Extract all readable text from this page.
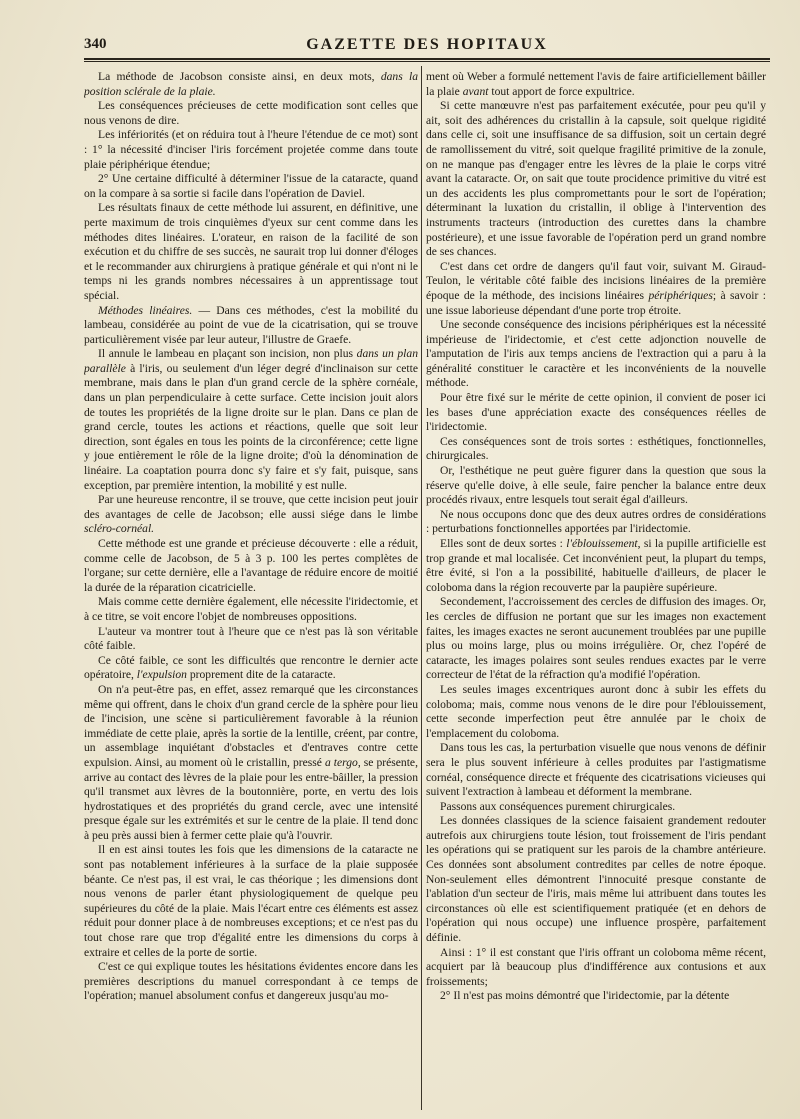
340	GAZETTE DES HOPITAUX

La méthode de Jacobson consiste ainsi, en deux mots, dans la position sclérale de la plaie.

Les conséquences précieuses de cette modification sont celles que nous venons de dire.

Les infériorités (et on réduira tout à l'heure l'étendue de ce mot) sont : 1° la nécessité d'inciser l'iris forcément projetée comme dans toute plaie périphérique étendue;

2° Une certaine difficulté à déterminer l'issue de la cataracte, quand on la compare à sa sortie si facile dans l'opération de Daviel.

Les résultats finaux de cette méthode lui assurent, en définitive, une perte maximum de trois cinquièmes d'yeux sur cent comme dans les méthodes dites linéaires. L'orateur, en raison de la facilité de son exécution et du chiffre de ses succès, ne saurait trop lui donner d'éloges et le recommander aux chirurgiens à pratique générale et qui n'ont ni le temps ni les grands nombres nécessaires à un apprentissage tout spécial.

Méthodes linéaires. — Dans ces méthodes, c'est la mobilité du lambeau, considérée au point de vue de la cicatrisation, qui se trouve particulièrement visée par leur auteur, l'illustre de Graefe.

Il annule le lambeau en plaçant son incision, non plus dans un plan parallèle à l'iris, ou seulement d'un léger degré d'inclinaison sur cette membrane, mais dans le plan d'un grand cercle de la sphère cornéale, dans un plan perpendiculaire à cette surface. Cette incision jouit alors de toutes les propriétés de la ligne droite sur le plan. Dans ce plan de grand cercle, toutes les actions et réactions, quelle que soit leur direction, sont égales en tous les points de la circonférence; cette ligne y joue entièrement le rôle de la ligne droite; d'où la dénomination de linéaire. La coaptation pourra donc s'y faire et s'y fait, puisque, sans exception, par première intention, la mobilité y est nulle.

Par une heureuse rencontre, il se trouve, que cette incision peut jouir des avantages de celle de Jacobson; elle aussi siége dans le limbe scléro-cornéal.

Cette méthode est une grande et précieuse découverte : elle a réduit, comme celle de Jacobson, de 5 à 3 p. 100 les pertes complètes de l'organe; sur cette dernière, elle a l'avantage de réduire encore de moitié la durée de la réparation cicatricielle.

Mais comme cette dernière également, elle nécessite l'iridectomie, et à ce titre, se voit encore l'objet de nombreuses oppositions.

L'auteur va montrer tout à l'heure que ce n'est pas là son véritable côté faible.

Ce côté faible, ce sont les difficultés que rencontre le dernier acte opératoire, l'expulsion proprement dite de la cataracte.

On n'a peut-être pas, en effet, assez remarqué que les circonstances même qui offrent, dans le choix d'un grand cercle de la sphère pour lieu de l'incision, une scène si particulièrement favorable à la réunion immédiate de cette plaie, après la sortie de la lentille, créent, par contre, un assemblage inquiétant d'obstacles et d'entraves contre cette expulsion. Ainsi, au moment où le cristallin, pressé a tergo, se présente, arrive au contact des lèvres de la plaie pour les entre-bâiller, la pression qu'il transmet aux lèvres de la boutonnière, porte, en vertu des lois hydrostatiques et des propriétés du grand cercle, avec une intensité presque égale sur les extrémités et sur le centre de la plaie. Il tend donc à peu près aussi bien à fermer cette plaie qu'à l'ouvrir.

Il en est ainsi toutes les fois que les dimensions de la cataracte ne sont pas notablement inférieures à la surface de la plaie supposée béante. Ce n'est pas, il est vrai, le cas théorique ; les dimensions dont nous venons de parler étant physiologiquement de quelque peu supérieures du côté de la plaie. Mais l'écart entre ces éléments est assez réduit pour donner place à de nombreuses exceptions; et ce n'est pas du tout chose rare que trop d'égalité entre les dimensions du corps à extraire et celles de la porte de sortie.

C'est ce qui explique toutes les hésitations évidentes encore dans les premières descriptions du manuel correspondant à ce temps de l'opération; manuel absolument confus et dangereux jusqu'au mo-

ment où Weber a formulé nettement l'avis de faire artificiellement bâiller la plaie avant tout apport de force expultrice.

Si cette manœuvre n'est pas parfaitement exécutée, pour peu qu'il y ait, soit des adhérences du cristallin à la capsule, soit quelque rigidité dans celle ci, soit une insuffisance de sa diffusion, soit un certain degré de ramollissement du vitré, soit quelque fragilité primitive de la zonule, on ne manque pas d'engager entre les lèvres de la plaie le corps vitré avant la cataracte. Or, on sait que toute procidence primitive du vitré est un des accidents les plus compromettants pour le sort de l'opération; déterminant la luxation du cristallin, il oblige à l'intervention des instruments tracteurs (introduction des curettes dans la chambre postérieure), et une issue favorable de l'opération perd un grand nombre de ses chances.

C'est dans cet ordre de dangers qu'il faut voir, suivant M. Giraud-Teulon, le véritable côté faible des incisions linéaires de la première époque de la méthode, des incisions linéaires périphériques; à savoir : une issue laborieuse dépendant d'une porte trop étroite.

Une seconde conséquence des incisions périphériques est la nécessité impérieuse de l'iridectomie, et c'est cette adjonction nouvelle de l'amputation de l'iris aux temps anciens de l'extraction qui a paru à la généralité constituer le caractère et les inconvénients de la nouvelle méthode.

Pour être fixé sur le mérite de cette opinion, il convient de poser ici les bases d'une appréciation exacte des conséquences réelles de l'iridectomie.

Ces conséquences sont de trois sortes : esthétiques, fonctionnelles, chirurgicales.

Or, l'esthétique ne peut guère figurer dans la question que sous la réserve qu'elle doive, à elle seule, faire pencher la balance entre deux procédés rivaux, entre lesquels tout serait égal d'ailleurs.

Ne nous occupons donc que des deux autres ordres de considérations : perturbations fonctionnelles apportées par l'iridectomie.

Elles sont de deux sortes : l'éblouissement, si la pupille artificielle est trop grande et mal localisée. Cet inconvénient peut, la plupart du temps, être évité, si l'on a la possibilité, habituelle d'ailleurs, de placer le coloboma dans la région recouverte par la paupière supérieure.

Secondement, l'accroissement des cercles de diffusion des images. Or, les cercles de diffusion ne portant que sur les images non exactement faites, les images exactes ne seront aucunement troublées par une pupille plus ou moins large, plus ou moins irrégulière. Or, chez l'opéré de cataracte, les images polaires sont seules rendues exactes par le verre correcteur de l'état de la réfraction qu'a modifié l'opération.

Les seules images excentriques auront donc à subir les effets du coloboma; mais, comme nous venons de le dire pour l'éblouissement, cette seconde imperfection peut être annulée par le choix de l'emplacement du coloboma.

Dans tous les cas, la perturbation visuelle que nous venons de définir sera le plus souvent inférieure à celles produites par l'astigmatisme cornéal, conséquence directe et fréquente des cicatrisations vicieuses qui suivent l'extraction à lambeau et déforment la membrane.

Passons aux conséquences purement chirurgicales.

Les données classiques de la science faisaient grandement redouter autrefois aux chirurgiens toute lésion, tout froissement de l'iris pendant les opérations qui se pratiquent sur les parois de la chambre antérieure. Ces données sont absolument contredites par celles de notre époque. Non-seulement elles démontrent l'innocuité presque constante de l'ablation d'un secteur de l'iris, mais même lui attribuent dans toutes les circonstances où elle est scientifiquement pratiquée (et en dehors de l'opération qui nous occupe) une influence prospère, parfaitement définie.

Ainsi : 1° il est constant que l'iris offrant un coloboma même récent, acquiert par là beaucoup plus d'indifférence aux contusions et aux froissements;

2° Il n'est pas moins démontré que l'iridectomie, par la détente
